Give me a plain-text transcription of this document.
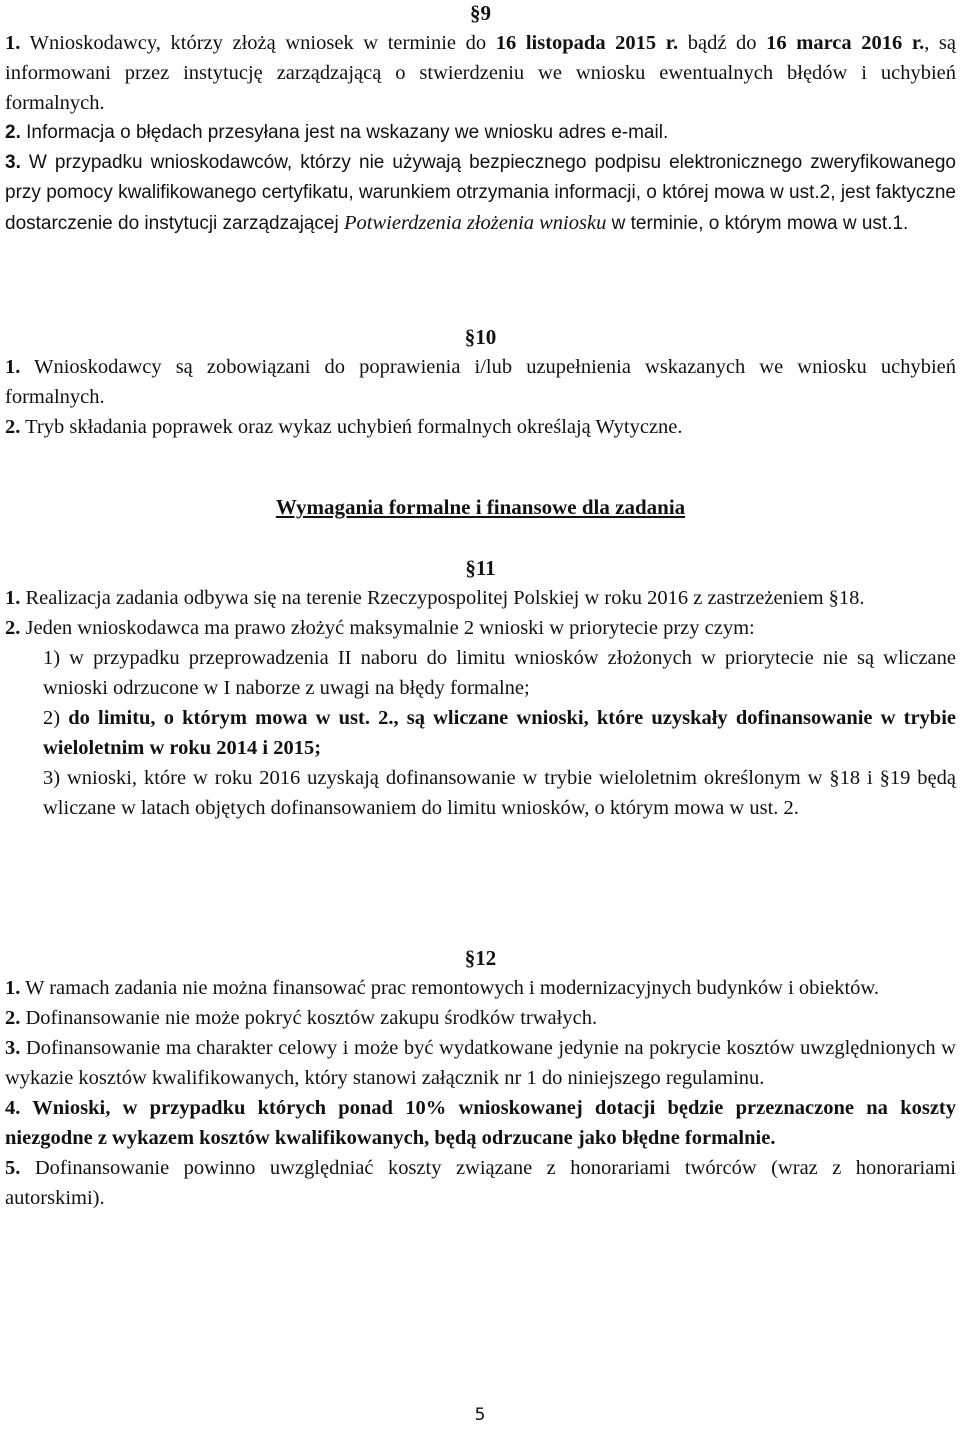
§9

1. Wnioskodawcy, którzy złożą wniosek w terminie do 16 listopada 2015 r. bądź do 16 marca 2016 r., są informowani przez instytucję zarządzającą o stwierdzeniu we wniosku ewentualnych błędów i uchybień formalnych.

2. Informacja o błędach przesyłana jest na wskazany we wniosku adres e-mail.

3. W przypadku wnioskodawców, którzy nie używają bezpiecznego podpisu elektronicznego zweryfikowanego przy pomocy kwalifikowanego certyfikatu, warunkiem otrzymania informacji, o której mowa w ust.2, jest faktyczne dostarczenie do instytucji zarządzającej Potwierdzenia złożenia wniosku w terminie, o którym mowa w ust.1.

§10

1. Wnioskodawcy są zobowiązani do poprawienia i/lub uzupełnienia wskazanych we wniosku uchybień formalnych.

2. Tryb składania poprawek oraz wykaz uchybień formalnych określają Wytyczne.

Wymagania formalne i finansowe dla zadania

§11

1. Realizacja zadania odbywa się na terenie Rzeczypospolitej Polskiej w roku 2016 z zastrzeżeniem §18.

2. Jeden wnioskodawca ma prawo złożyć maksymalnie 2 wnioski w priorytecie przy czym:

1) w przypadku przeprowadzenia II naboru do limitu wniosków złożonych w priorytecie nie są wliczane wnioski odrzucone w I naborze z uwagi na błędy formalne;

2) do limitu, o którym mowa w ust. 2., są wliczane wnioski, które uzyskały dofinansowanie w trybie wieloletnim w roku 2014 i 2015;

3) wnioski, które w roku 2016 uzyskają dofinansowanie w trybie wieloletnim określonym w §18 i §19 będą wliczane w latach objętych dofinansowaniem do limitu wniosków, o którym mowa w ust. 2.

§12

1. W ramach zadania nie można finansować prac remontowych i modernizacyjnych budynków i obiektów.

2. Dofinansowanie nie może pokryć kosztów zakupu środków trwałych.

3. Dofinansowanie ma charakter celowy i może być wydatkowane jedynie na pokrycie kosztów uwzględnionych w wykazie kosztów kwalifikowanych, który stanowi załącznik nr 1 do niniejszego regulaminu.

4. Wnioski, w przypadku których ponad 10% wnioskowanej dotacji będzie przeznaczone na koszty niezgodne z wykazem kosztów kwalifikowanych, będą odrzucane jako błędne formalnie.

5. Dofinansowanie powinno uwzględniać koszty związane z honorariami twórców (wraz z honorariami autorskimi).

5
